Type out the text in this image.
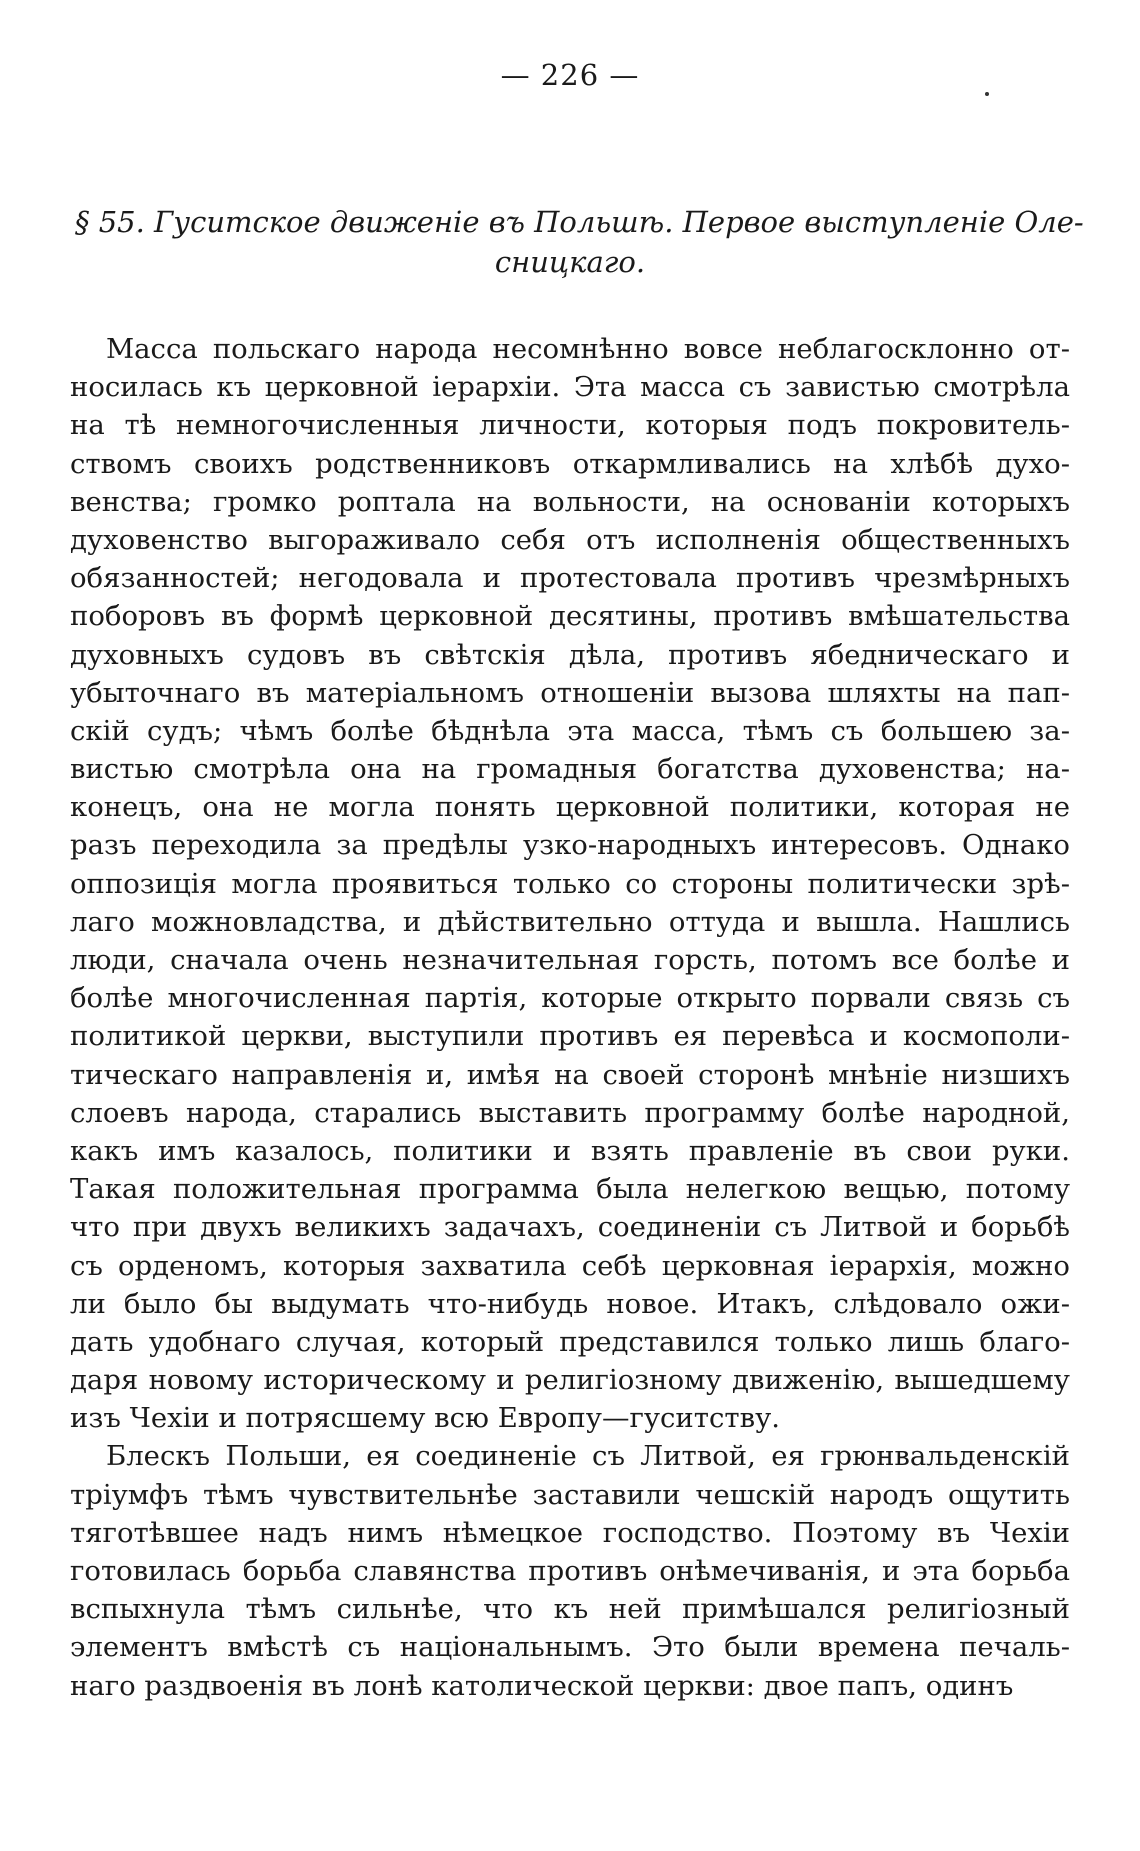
— 226 —
§ 55. Гуситское движеніе въ Польшѣ. Первое выступленіе Оле-
сницкаго.
Масса польскаго народа несомнѣнно вовсе неблагосклонно от-
носилась къ церковной іерархіи. Эта масса съ завистью смотрѣла
на тѣ немногочисленныя личности, которыя подъ покровитель-
ствомъ своихъ родственниковъ откармливались на хлѣбѣ духо-
венства; громко роптала на вольности, на основаніи которыхъ
духовенство выгораживало себя отъ исполненія общественныхъ
обязанностей; негодовала и протестовала противъ чрезмѣрныхъ
поборовъ въ формѣ церковной десятины, противъ вмѣшательства
духовныхъ судовъ въ свѣтскія дѣла, противъ ябедническаго и
убыточнаго въ матеріальномъ отношеніи вызова шляхты на пап-
скій судъ; чѣмъ болѣе бѣднѣла эта масса, тѣмъ съ большею за-
вистью смотрѣла она на громадныя богатства духовенства; на-
конецъ, она не могла понять церковной политики, которая не
разъ переходила за предѣлы узко-народныхъ интересовъ. Однако
оппозиція могла проявиться только со стороны политически зрѣ-
лаго можновладства, и дѣйствительно оттуда и вышла. Нашлись
люди, сначала очень незначительная горсть, потомъ все болѣе и
болѣе многочисленная партія, которые открыто порвали связь съ
политикой церкви, выступили противъ ея перевѣса и космополи-
тическаго направленія и, имѣя на своей сторонѣ мнѣніе низшихъ
слоевъ народа, старались выставить программу болѣе народной,
какъ имъ казалось, политики и взять правленіе въ свои руки.
Такая положительная программа была нелегкою вещью, потому
что при двухъ великихъ задачахъ, соединеніи съ Литвой и борьбѣ
съ орденомъ, которыя захватила себѣ церковная іерархія, можно
ли было бы выдумать что-нибудь новое. Итакъ, слѣдовало ожи-
дать удобнаго случая, который представился только лишь благо-
даря новому историческому и религіозному движенію, вышедшему
изъ Чехіи и потрясшему всю Европу—гуситству.
Блескъ Польши, ея соединеніе съ Литвой, ея грюнвальденскій
тріумфъ тѣмъ чувствительнѣе заставили чешскій народъ ощутить
тяготѣвшее надъ нимъ нѣмецкое господство. Поэтому въ Чехіи
готовилась борьба славянства противъ онѣмечиванія, и эта борьба
вспыхнула тѣмъ сильнѣе, что къ ней примѣшался религіозный
элементъ вмѣстѣ съ національнымъ. Это были времена печаль-
наго раздвоенія въ лонѣ католической церкви: двое папъ, одинъ
